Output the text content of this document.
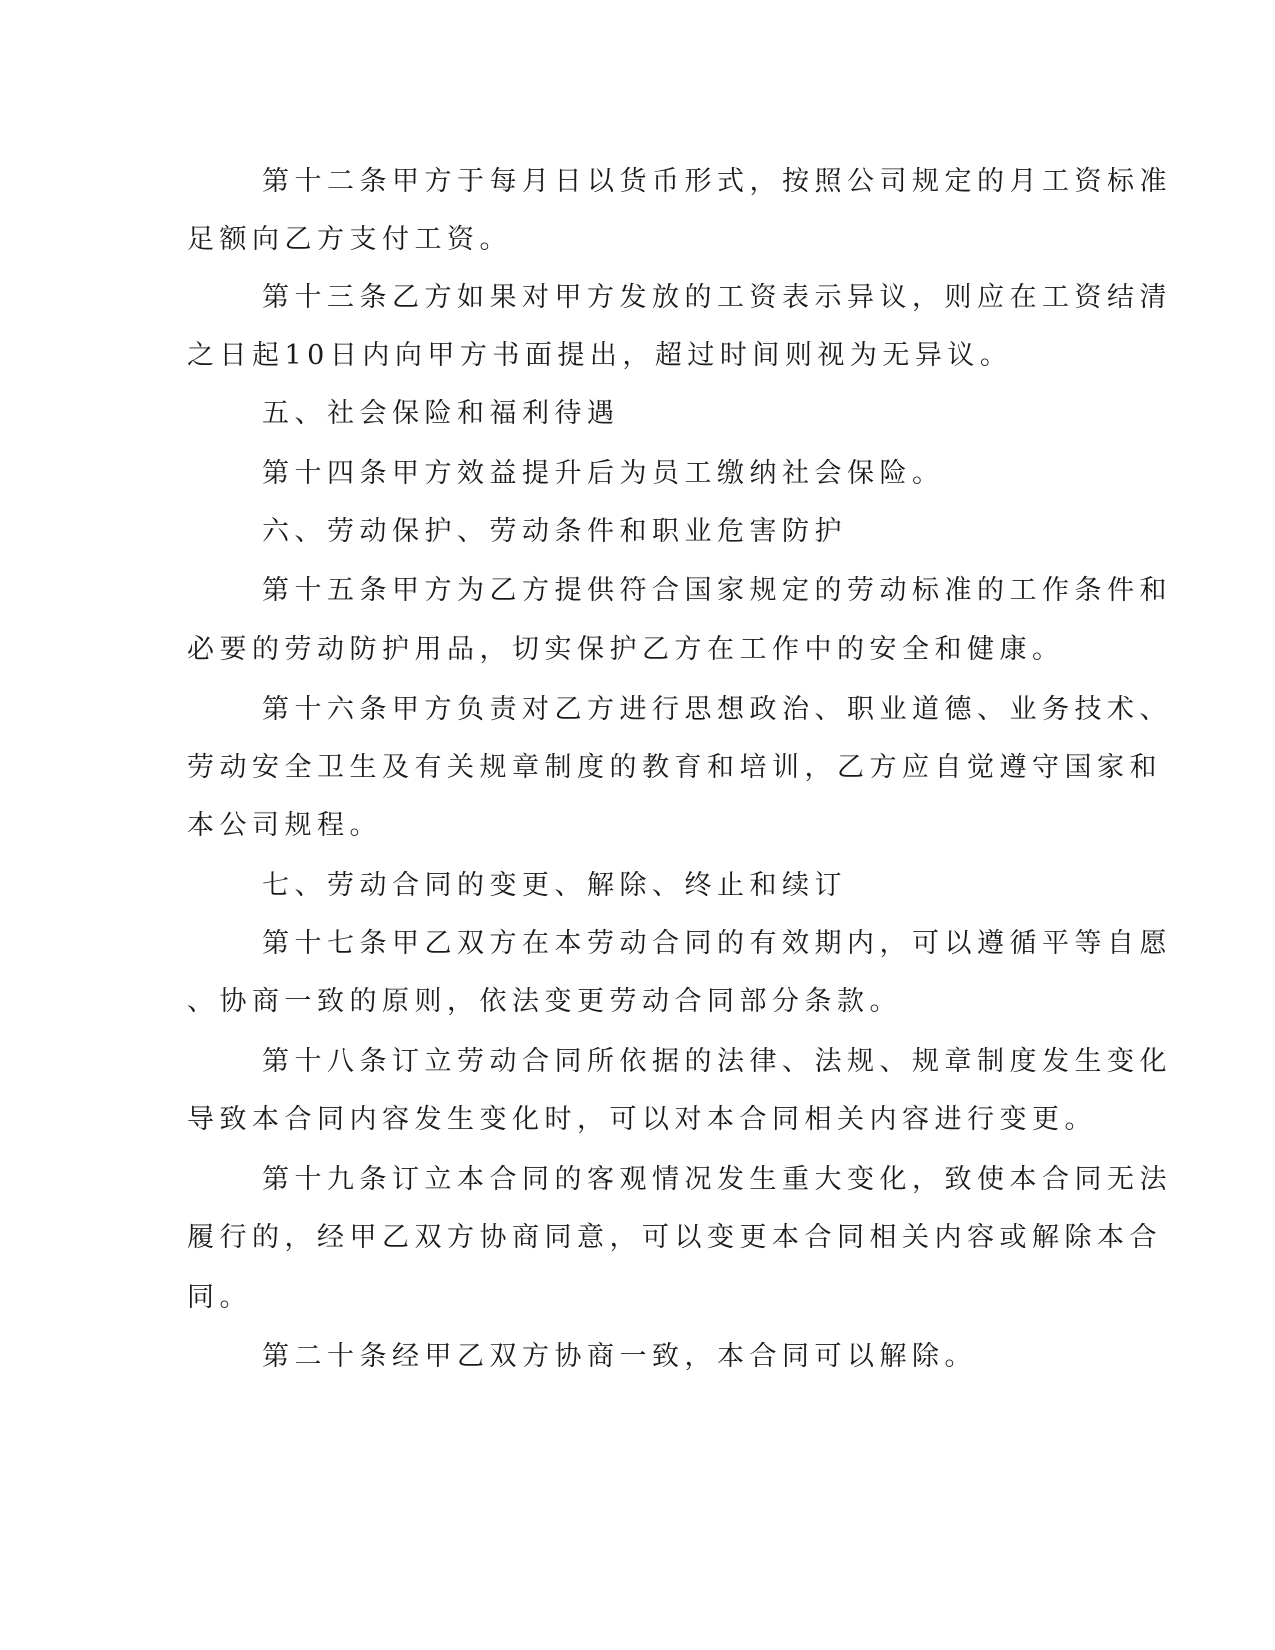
第十二条甲方于每月日以货币形式，按照公司规定的月工资标准
足额向乙方支付工资。
第十三条乙方如果对甲方发放的工资表示异议，则应在工资结清
之日起10日内向甲方书面提出，超过时间则视为无异议。
五、社会保险和福利待遇
第十四条甲方效益提升后为员工缴纳社会保险。
六、劳动保护、劳动条件和职业危害防护
第十五条甲方为乙方提供符合国家规定的劳动标准的工作条件和
必要的劳动防护用品，切实保护乙方在工作中的安全和健康。
第十六条甲方负责对乙方进行思想政治、职业道德、业务技术、
劳动安全卫生及有关规章制度的教育和培训，乙方应自觉遵守国家和
本公司规程。
七、劳动合同的变更、解除、终止和续订
第十七条甲乙双方在本劳动合同的有效期内，可以遵循平等自愿
、协商一致的原则，依法变更劳动合同部分条款。
第十八条订立劳动合同所依据的法律、法规、规章制度发生变化
导致本合同内容发生变化时，可以对本合同相关内容进行变更。
第十九条订立本合同的客观情况发生重大变化，致使本合同无法
履行的，经甲乙双方协商同意，可以变更本合同相关内容或解除本合
同。
第二十条经甲乙双方协商一致，本合同可以解除。
